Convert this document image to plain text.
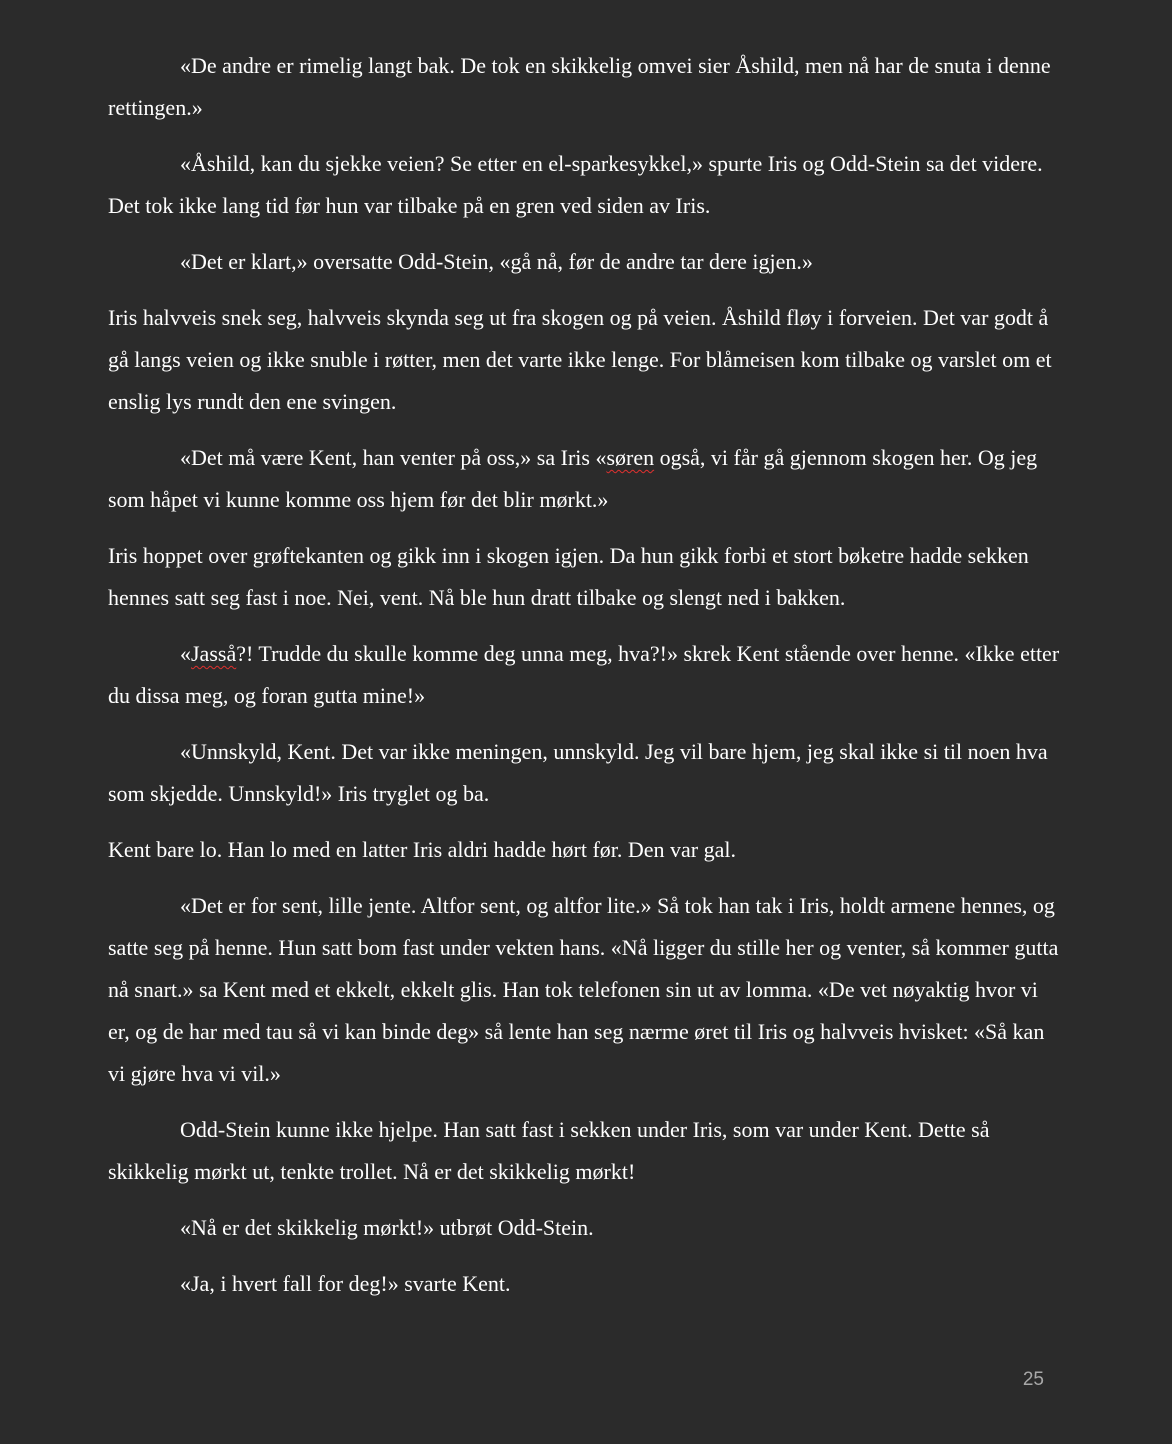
«De andre er rimelig langt bak. De tok en skikkelig omvei sier Åshild, men nå har de snuta i denne rettingen.»

«Åshild, kan du sjekke veien? Se etter en el-sparkesykkel,» spurte Iris og Odd-Stein sa det videre. Det tok ikke lang tid før hun var tilbake på en gren ved siden av Iris.

«Det er klart,» oversatte Odd-Stein, «gå nå, før de andre tar dere igjen.»

Iris halvveis snek seg, halvveis skynda seg ut fra skogen og på veien. Åshild fløy i forveien. Det var godt å gå langs veien og ikke snuble i røtter, men det varte ikke lenge. For blåmeisen kom tilbake og varslet om et enslig lys rundt den ene svingen.

«Det må være Kent, han venter på oss,» sa Iris «søren også, vi får gå gjennom skogen her. Og jeg som håpet vi kunne komme oss hjem før det blir mørkt.»

Iris hoppet over grøftekanten og gikk inn i skogen igjen. Da hun gikk forbi et stort bøketre hadde sekken hennes satt seg fast i noe. Nei, vent. Nå ble hun dratt tilbake og slengt ned i bakken.

«Jasså?! Trudde du skulle komme deg unna meg, hva?!» skrek Kent stående over henne. «Ikke etter du dissa meg, og foran gutta mine!»

«Unnskyld, Kent. Det var ikke meningen, unnskyld. Jeg vil bare hjem, jeg skal ikke si til noen hva som skjedde. Unnskyld!» Iris tryglet og ba.

Kent bare lo. Han lo med en latter Iris aldri hadde hørt før. Den var gal.

«Det er for sent, lille jente. Altfor sent, og altfor lite.» Så tok han tak i Iris, holdt armene hennes, og satte seg på henne. Hun satt bom fast under vekten hans. «Nå ligger du stille her og venter, så kommer gutta nå snart.» sa Kent med et ekkelt, ekkelt glis. Han tok telefonen sin ut av lomma. «De vet nøyaktig hvor vi er, og de har med tau så vi kan binde deg» så lente han seg nærme øret til Iris og halvveis hvisket: «Så kan vi gjøre hva vi vil.»

Odd-Stein kunne ikke hjelpe. Han satt fast i sekken under Iris, som var under Kent. Dette så skikkelig mørkt ut, tenkte trollet. Nå er det skikkelig mørkt!

«Nå er det skikkelig mørkt!» utbrøt Odd-Stein.

«Ja, i hvert fall for deg!» svarte Kent.

25
